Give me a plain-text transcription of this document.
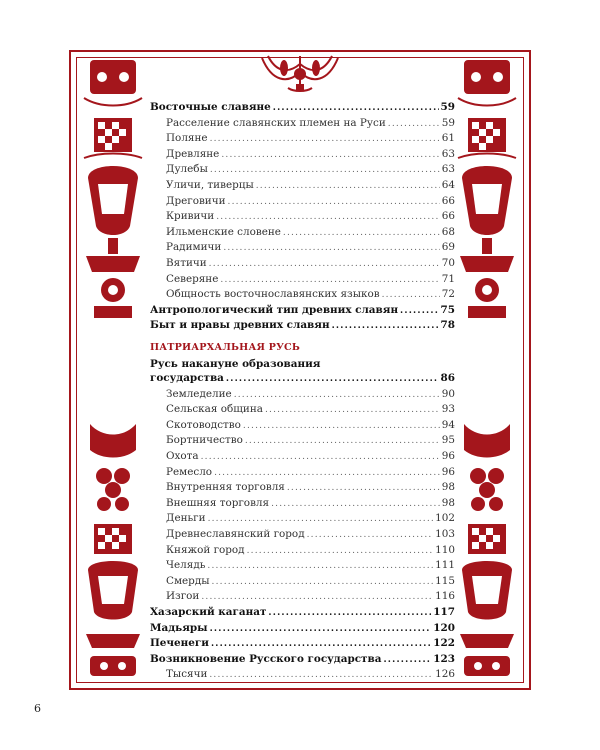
Восточные славяне .....	59
Расселение славянских племен на Руси .....	59
Поляне .....	61
Древляне .....	63
Дулебы .....	63
Уличи, тиверцы .....	64
Дреговичи .....	66
Кривичи .....	66
Ильменские словене .....	68
Радимичи .....	69
Вятичи .....	70
Северяне .....	71
Общность восточнославянских языков .....	72
Антропологический тип древних славян .....	75
Быт и нравы древних славян .....	78
ПАТРИАРХАЛЬНАЯ РУСЬ
Русь накануне образования
государства .....	86
Земледелие .....	90
Сельская община .....	93
Скотоводство .....	94
Бортничество .....	95
Охота .....	96
Ремесло .....	96
Внутренняя торговля .....	98
Внешняя торговля .....	98
Деньги .....	102
Древнеславянский город .....	103
Княжой город .....	110
Челядь .....	111
Смерды .....	115
Изгои .....	116
Хазарский каганат .....	117
Мадьяры .....	120
Печенеги .....	122
Возникновение Русского государства .....	123
Тысячи .....	126
6
